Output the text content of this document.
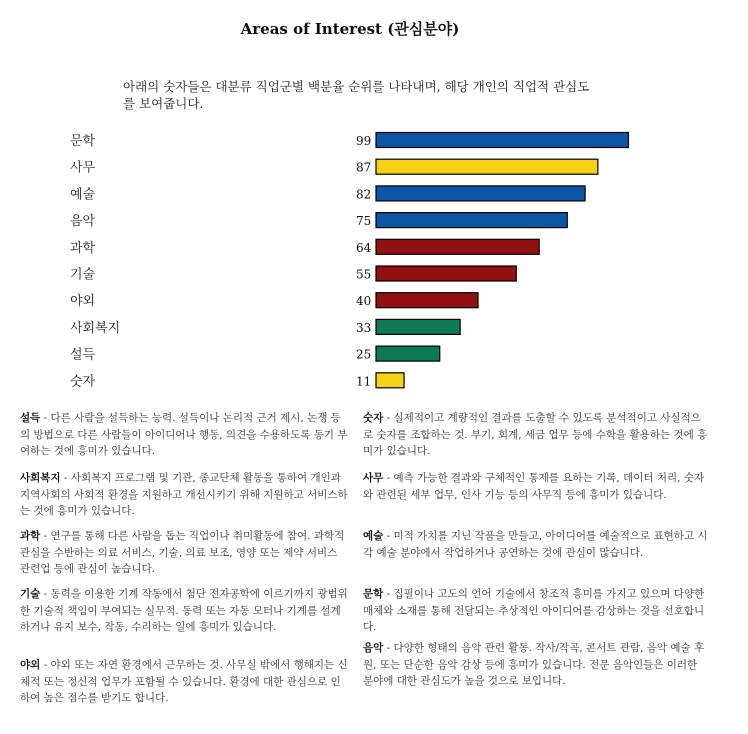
Areas of Interest (관심분야)
아래의 숫자들은 대분류 직업군별 백분율 순위를 나타내며, 해당 개인의 직업적 관심도를 보여줍니다.
문학	99
사무	87
예술	82
음악	75
과학	64
기술	55
야외	40
사회복지	33
설득	25
숫자	11
설득 - 다른 사람을 설득하는 능력. 설득이나 논리적 근거 제시, 논쟁 등의 방법으로 다른 사람들이 아이디어나 행동, 의견을 수용하도록 동기 부여하는 것에 흥미가 있습니다.
사회복지 - 사회복지 프로그램 및 기관, 종교단체 활동을 통하여 개인과 지역사회의 사회적 환경을 지원하고 개선시키기 위해 지원하고 서비스하는 것에 흥미가 있습니다.
과학 - 연구를 통해 다른 사람을 돕는 직업이나 취미활동에 참여. 과학적 관심을 수반하는 의료 서비스, 기술, 의료 보조, 영양 또는 제약 서비스 관련업 등에 관심이 높습니다.
기술 - 동력을 이용한 기계 작동에서 첨단 전자공학에 이르기까지 광범위한 기술적 책임이 부여되는 실무적. 동력 또는 자동 모터나 기계를 설계하거나 유지 보수, 작동, 수리하는 일에 흥미가 있습니다.
야외 - 야외 또는 자연 환경에서 근무하는 것. 사무실 밖에서 행해지는 신체적 또는 정신적 업무가 포함될 수 있습니다. 환경에 대한 관심으로 인하여 높은 점수를 받기도 합니다.
숫자 - 실제적이고 계량적인 결과를 도출할 수 있도록 분석적이고 사실적으로 숫자를 조합하는 것. 부기, 회계, 세금 업무 등에 수학을 활용하는 것에 흥미가 있습니다.
사무 - 예측 가능한 결과와 구체적인 통제를 요하는 기록, 데이터 처리, 숫자와 관련된 세부 업무, 인사 기능 등의 사무직 등에 흥미가 있습니다.
예술 - 미적 가치를 지닌 작품을 만들고, 아이디어를 예술적으로 표현하고 시각 예술 분야에서 작업하거나 공연하는 것에 관심이 많습니다.
문학 - 집필이나 고도의 언어 기술에서 창조적 흥미를 가지고 있으며 다양한 매체와 소재를 통해 전달되는 추상적인 아이디어를 감상하는 것을 선호합니다.
음악 - 다양한 형태의 음악 관련 활동. 작사/작곡, 콘서트 관람, 음악 예술 후원, 또는 단순한 음악 감상 등에 흥미가 있습니다. 전문 음악인들은 이러한 분야에 대한 관심도가 높을 것으로 보입니다.
